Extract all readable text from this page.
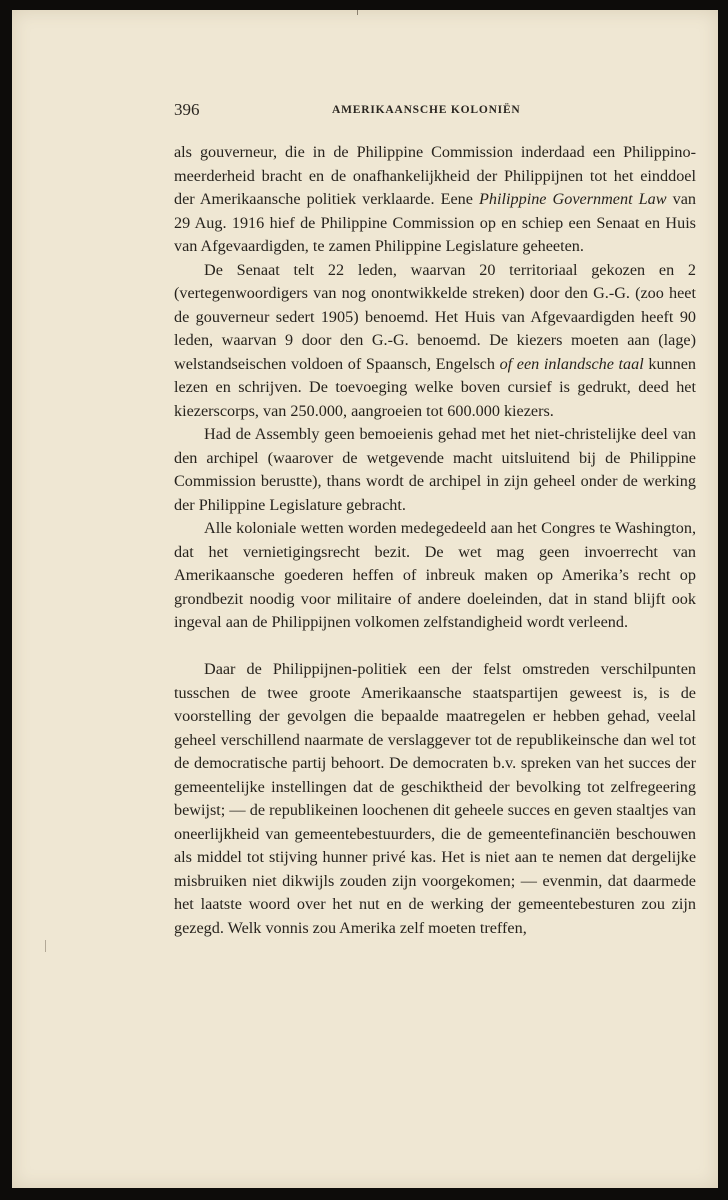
396	AMERIKAANSCHE KOLONIËN

als gouverneur, die in de Philippine Commission inderdaad een Philippino-meerderheid bracht en de onafhankelijkheid der Philippijnen tot het einddoel der Amerikaansche politiek verklaarde. Eene Philippine Government Law van 29 Aug. 1916 hief de Philippine Commission op en schiep een Senaat en Huis van Afgevaardigden, te zamen Philippine Legislature geheeten.

De Senaat telt 22 leden, waarvan 20 territoriaal gekozen en 2 (vertegenwoordigers van nog onontwikkelde streken) door den G.-G. (zoo heet de gouverneur sedert 1905) benoemd. Het Huis van Afgevaardigden heeft 90 leden, waarvan 9 door den G.-G. benoemd. De kiezers moeten aan (lage) welstandseischen voldoen of Spaansch, Engelsch of een inlandsche taal kunnen lezen en schrijven. De toevoeging welke boven cursief is gedrukt, deed het kiezerscorps, van 250.000, aangroeien tot 600.000 kiezers.

Had de Assembly geen bemoeienis gehad met het niet-christelijke deel van den archipel (waarover de wetgevende macht uitsluitend bij de Philippine Commission berustte), thans wordt de archipel in zijn geheel onder de werking der Philippine Legislature gebracht.

Alle koloniale wetten worden medegedeeld aan het Congres te Washington, dat het vernietigingsrecht bezit. De wet mag geen invoerrecht van Amerikaansche goederen heffen of inbreuk maken op Amerika’s recht op grondbezit noodig voor militaire of andere doeleinden, dat in stand blijft ook ingeval aan de Philippijnen volkomen zelfstandigheid wordt verleend.

Daar de Philippijnen-politiek een der felst omstreden verschilpunten tusschen de twee groote Amerikaansche staatspartijen geweest is, is de voorstelling der gevolgen die bepaalde maatregelen er hebben gehad, veelal geheel verschillend naarmate de verslaggever tot de republikeinsche dan wel tot de democratische partij behoort. De democraten b.v. spreken van het succes der gemeentelijke instellingen dat de geschiktheid der bevolking tot zelfregeering bewijst; — de republikeinen loochenen dit geheele succes en geven staaltjes van oneerlijkheid van gemeentebestuurders, die de gemeentefinanciën beschouwen als middel tot stijving hunner privé kas. Het is niet aan te nemen dat dergelijke misbruiken niet dikwijls zouden zijn voorgekomen; — evenmin, dat daarmede het laatste woord over het nut en de werking der gemeentebesturen zou zijn gezegd. Welk vonnis zou Amerika zelf moeten treffen,
